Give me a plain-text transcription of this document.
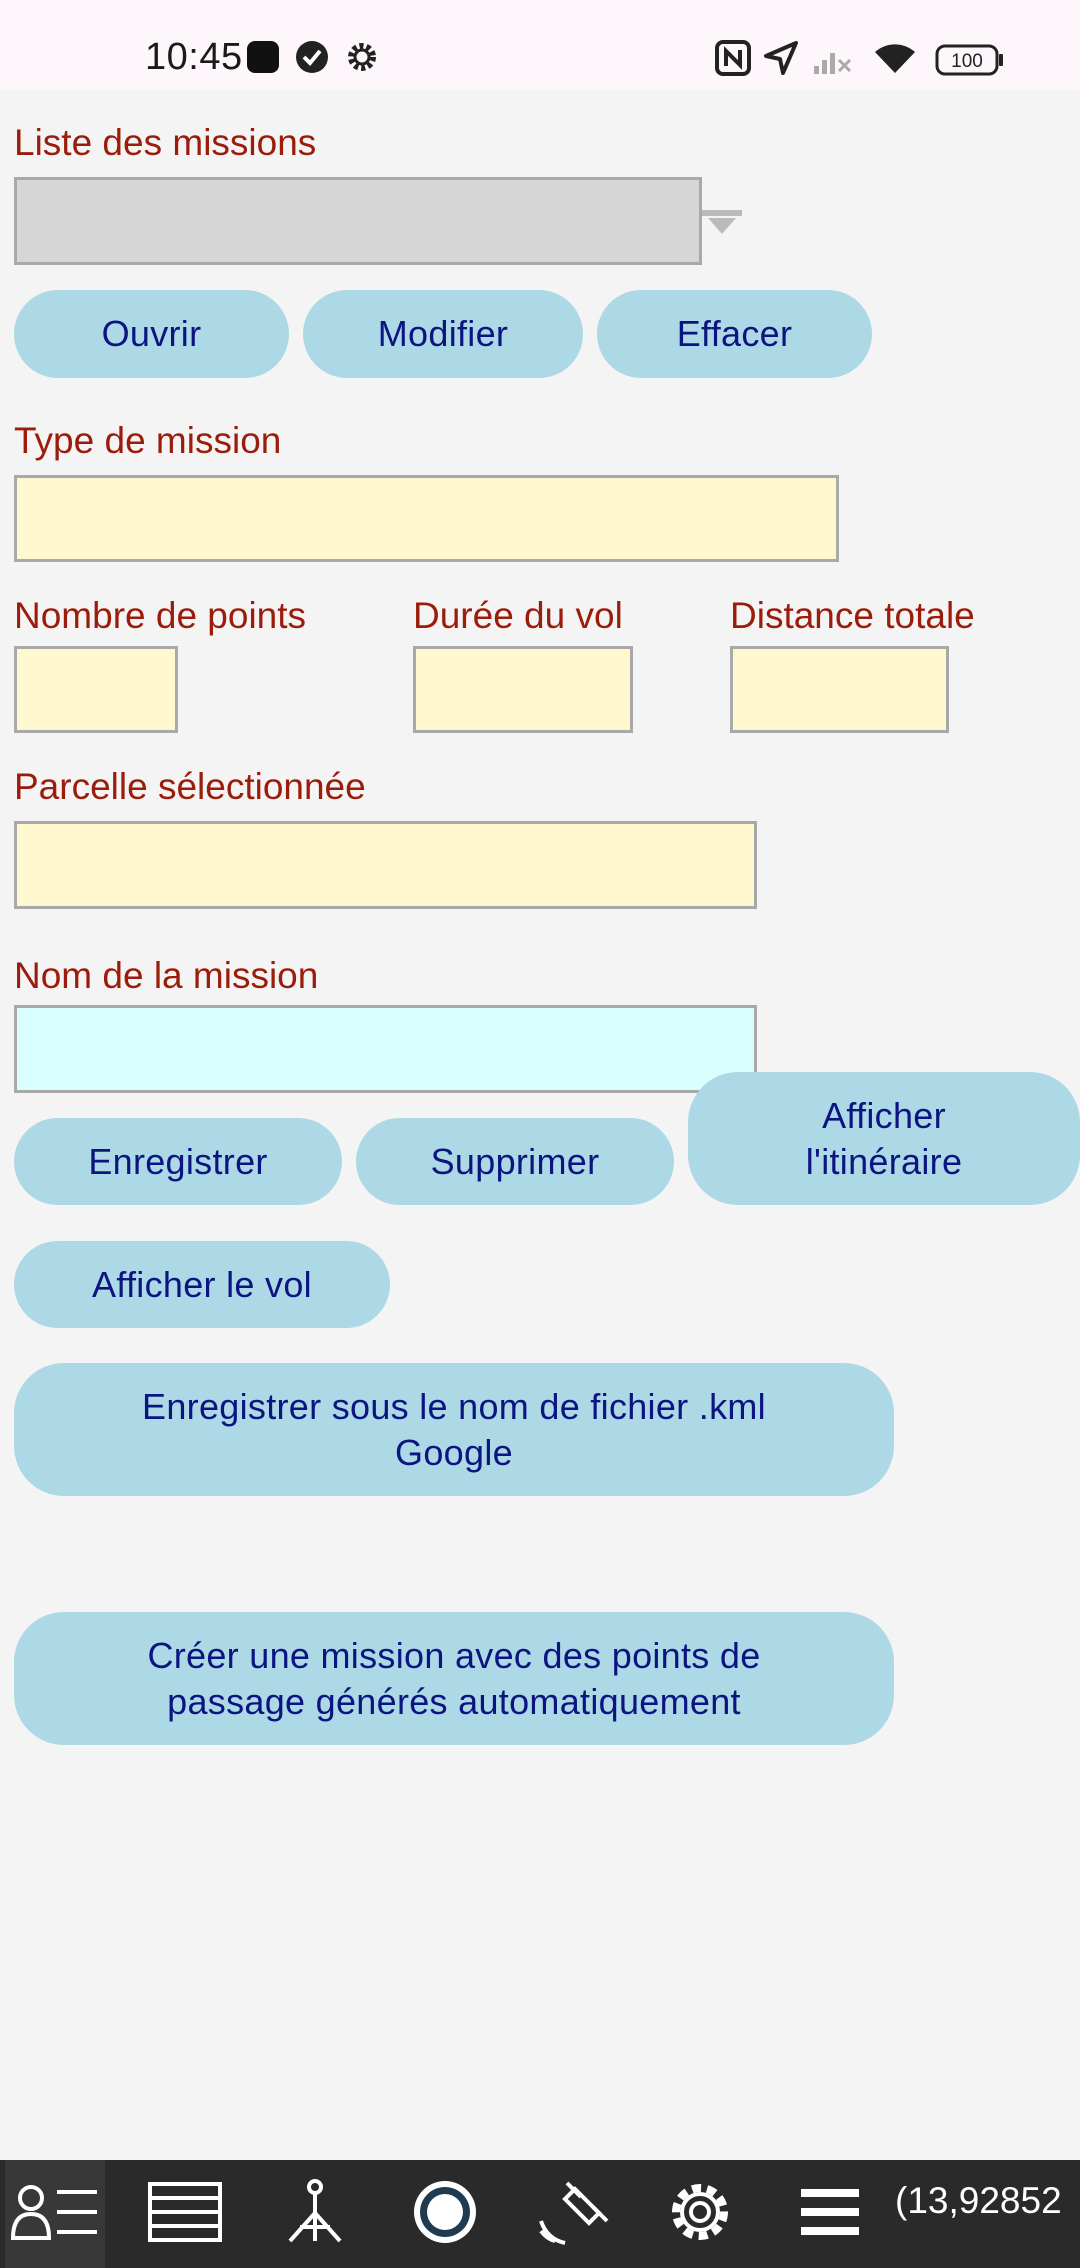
10:45	100
Liste des missions
Ouvrir	Modifier	Effacer
Type de mission
Nombre de points	Durée du vol	Distance totale
Parcelle sélectionnée
Nom de la mission
Enregistrer	Supprimer
Afficher
l'itinéraire
Afficher le vol
Enregistrer sous le nom de fichier .kml
Google
Créer une mission avec des points de
passage générés automatiquement
(13,92852
